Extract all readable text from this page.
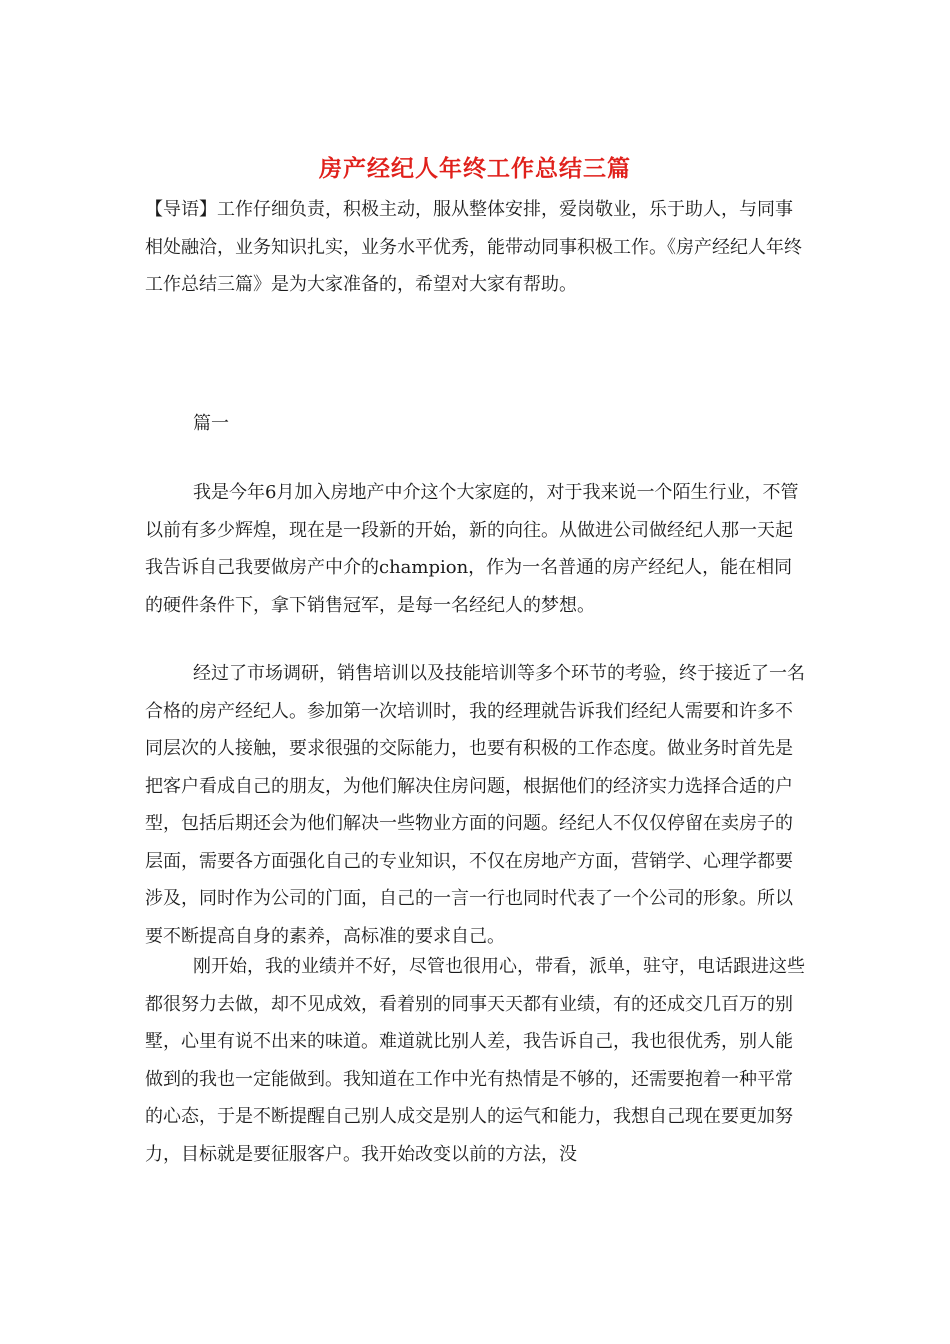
房产经纪人年终工作总结三篇

【导语】工作仔细负责，积极主动，服从整体安排，爱岗敬业，乐于助人，与同事相处融洽，业务知识扎实，业务水平优秀，能带动同事积极工作。《房产经纪人年终工作总结三篇》是为大家准备的，希望对大家有帮助。

篇一

我是今年6月加入房地产中介这个大家庭的，对于我来说一个陌生行业，不管以前有多少辉煌，现在是一段新的开始，新的向往。从做进公司做经纪人那一天起我告诉自己我要做房产中介的champion，作为一名普通的房产经纪人，能在相同的硬件条件下，拿下销售冠军，是每一名经纪人的梦想。

经过了市场调研，销售培训以及技能培训等多个环节的考验，终于接近了一名合格的房产经纪人。参加第一次培训时，我的经理就告诉我们经纪人需要和许多不同层次的人接触，要求很强的交际能力，也要有积极的工作态度。做业务时首先是把客户看成自己的朋友，为他们解决住房问题，根据他们的经济实力选择合适的户型，包括后期还会为他们解决一些物业方面的问题。经纪人不仅仅停留在卖房子的层面，需要各方面强化自己的专业知识，不仅在房地产方面，营销学、心理学都要涉及，同时作为公司的门面，自己的一言一行也同时代表了一个公司的形象。所以要不断提高自身的素养，高标准的要求自己。

刚开始，我的业绩并不好，尽管也很用心，带看，派单，驻守，电话跟进这些都很努力去做，却不见成效，看着别的同事天天都有业绩，有的还成交几百万的别墅，心里有说不出来的味道。难道就比别人差，我告诉自己，我也很优秀，别人能做到的我也一定能做到。我知道在工作中光有热情是不够的，还需要抱着一种平常的心态，于是不断提醒自己别人成交是别人的运气和能力，我想自己现在要更加努力，目标就是要征服客户。我开始改变以前的方法，没
